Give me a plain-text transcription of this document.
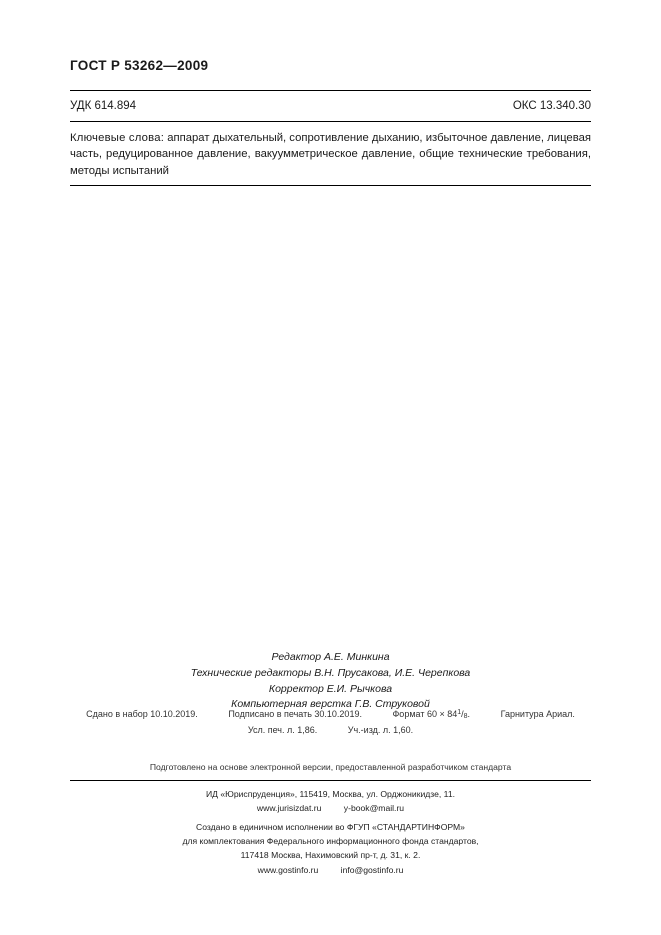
ГОСТ Р 53262—2009
УДК 614.894	ОКС 13.340.30
Ключевые слова: аппарат дыхательный, сопротивление дыханию, избыточное давление, лицевая часть, редуцированное давление, вакуумметрическое давление, общие технические требования, методы испытаний
Редактор А.Е. Минкина
Технические редакторы В.Н. Прусакова, И.Е. Черепкова
Корректор Е.И. Рычкова
Компьютерная верстка Г.В. Струковой
Сдано в набор 10.10.2019.	Подписано в печать 30.10.2019.	Формат $60 \times 84^1/_8$.	Гарнитура Ариал.
Усл. печ. л. 1,86.	Уч.-изд. л. 1,60.
Подготовлено на основе электронной версии, предоставленной разработчиком стандарта
ИД «Юриспруденция», 115419, Москва, ул. Орджоникидзе, 11.
www.jurisizdat.ru	y-book@mail.ru
Создано в единичном исполнении во ФГУП «СТАНДАРТИНФОРМ»
для комплектования Федерального информационного фонда стандартов,
117418 Москва, Нахимовский пр-т, д. 31, к. 2.
www.gostinfo.ru	info@gostinfo.ru
